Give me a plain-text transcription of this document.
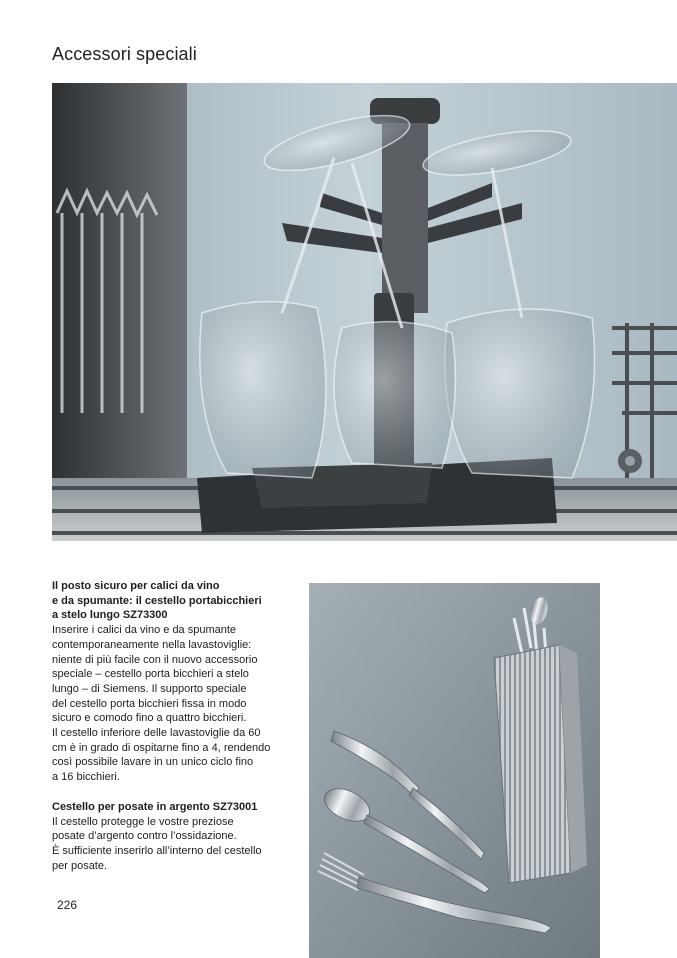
Accessori speciali

Il posto sicuro per calici da vino

e da spumante: il cestello portabicchieri

a stelo lungo SZ73300

Inserire i calici da vino e da spumante

contemporaneamente nella lavastoviglie:

niente di più facile con il nuovo accessorio

speciale – cestello porta bicchieri a stelo

lungo – di Siemens. Il supporto speciale

del cestello porta bicchieri fissa in modo

sicuro e comodo fino a quattro bicchieri.

Il cestello inferiore delle lavastoviglie da 60

cm è in grado di ospitarne fino a 4, rendendo

così possibile lavare in un unico ciclo fino

a 16 bicchieri.

Cestello per posate in argento SZ73001

Il cestello protegge le vostre preziose

posate d’argento contro l’ossidazione.

È sufficiente inserirlo all’interno del cestello

per posate.

226
